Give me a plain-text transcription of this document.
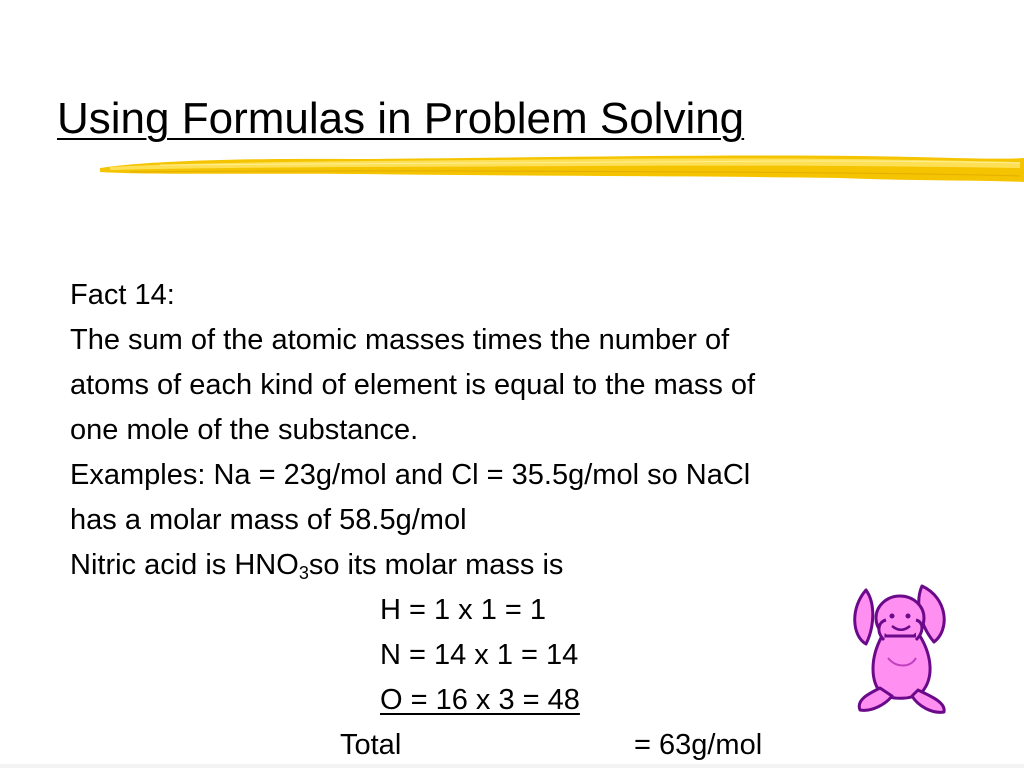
Using Formulas in Problem Solving

Fact 14:

The sum of the atomic masses times the number of

atoms of each kind of element is equal to the mass of

one mole of the substance.

Examples: Na = 23g/mol and Cl = 35.5g/mol so NaCl

has a molar mass of 58.5g/mol

Nitric acid is $HNO_3so$ its molar mass is

H = 1 x 1 = 1
N = 14 x 1 = 14
O = 16 x 3 = 48
Total	= 63g/mol
